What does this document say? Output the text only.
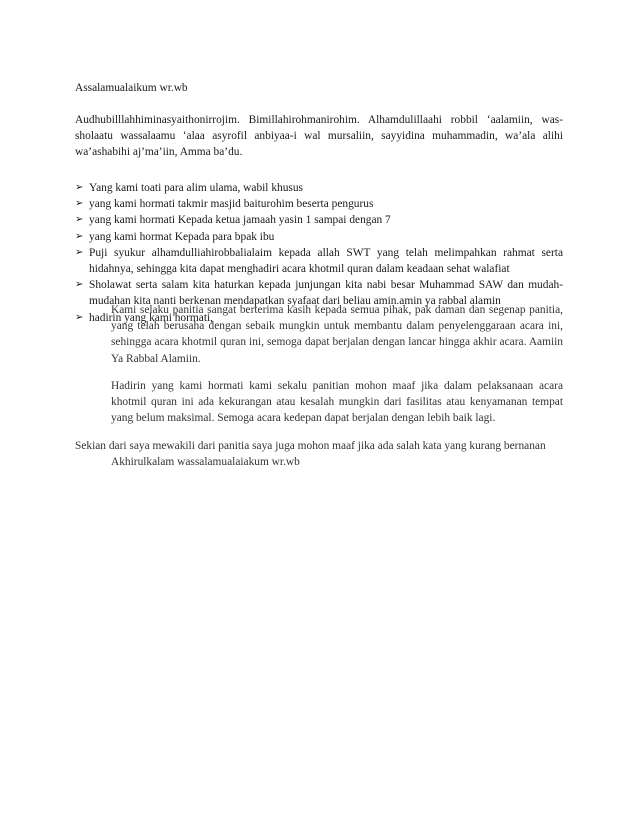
Assalamualaikum wr.wb
Audhubilllahhiminasyaithonirrojim. Bimillahirohmanirohim. Alhamdulillaahi robbil ‘aalamiin, was-sholaatu wassalaamu ‘alaa asyrofil anbiyaa-i wal mursaliin, sayyidina muhammadin, wa’ala alihi wa’ashabihi aj’ma’iin, Amma ba’du.
➢ Yang kami toati para alim ulama, wabil khusus
➢ yang kami hormati takmir masjid baiturohim beserta pengurus
➢ yang kami hormati Kepada ketua jamaah yasin 1 sampai dengan 7
➢ yang kami hormat Kepada para bpak ibu
➢ Puji syukur alhamdulliahirobbalialaim kepada allah SWT yang telah melimpahkan rahmat serta hidahnya, sehingga kita dapat menghadiri acara khotmil quran dalam keadaan sehat walafiat
➢ Sholawat serta salam kita haturkan kepada junjungan kita nabi besar Muhammad SAW dan mudah-mudahan kita nanti berkenan mendapatkan syafaat dari beliau amin.amin ya rabbal alamin
➢ hadirin yang kami hormati,
Kami selaku panitia sangat berterima kasih kepada semua pihak, pak daman dan segenap panitia, yang telah berusaha dengan sebaik mungkin untuk membantu dalam penyelenggaraan acara ini, sehingga acara khotmil quran ini, semoga dapat berjalan dengan lancar hingga akhir acara. Aamiin Ya Rabbal Alamiin.
Hadirin yang kami hormati kami sekalu panitian mohon maaf jika dalam pelaksanaan acara khotmil quran ini ada kekurangan atau kesalah mungkin dari fasilitas atau kenyamanan tempat yang belum maksimal. Semoga acara kedepan dapat berjalan dengan lebih baik lagi.
Sekian dari saya mewakili dari panitia saya juga mohon maaf jika ada salah kata yang kurang bernanan
Akhirulkalam wassalamualaiakum wr.wb
